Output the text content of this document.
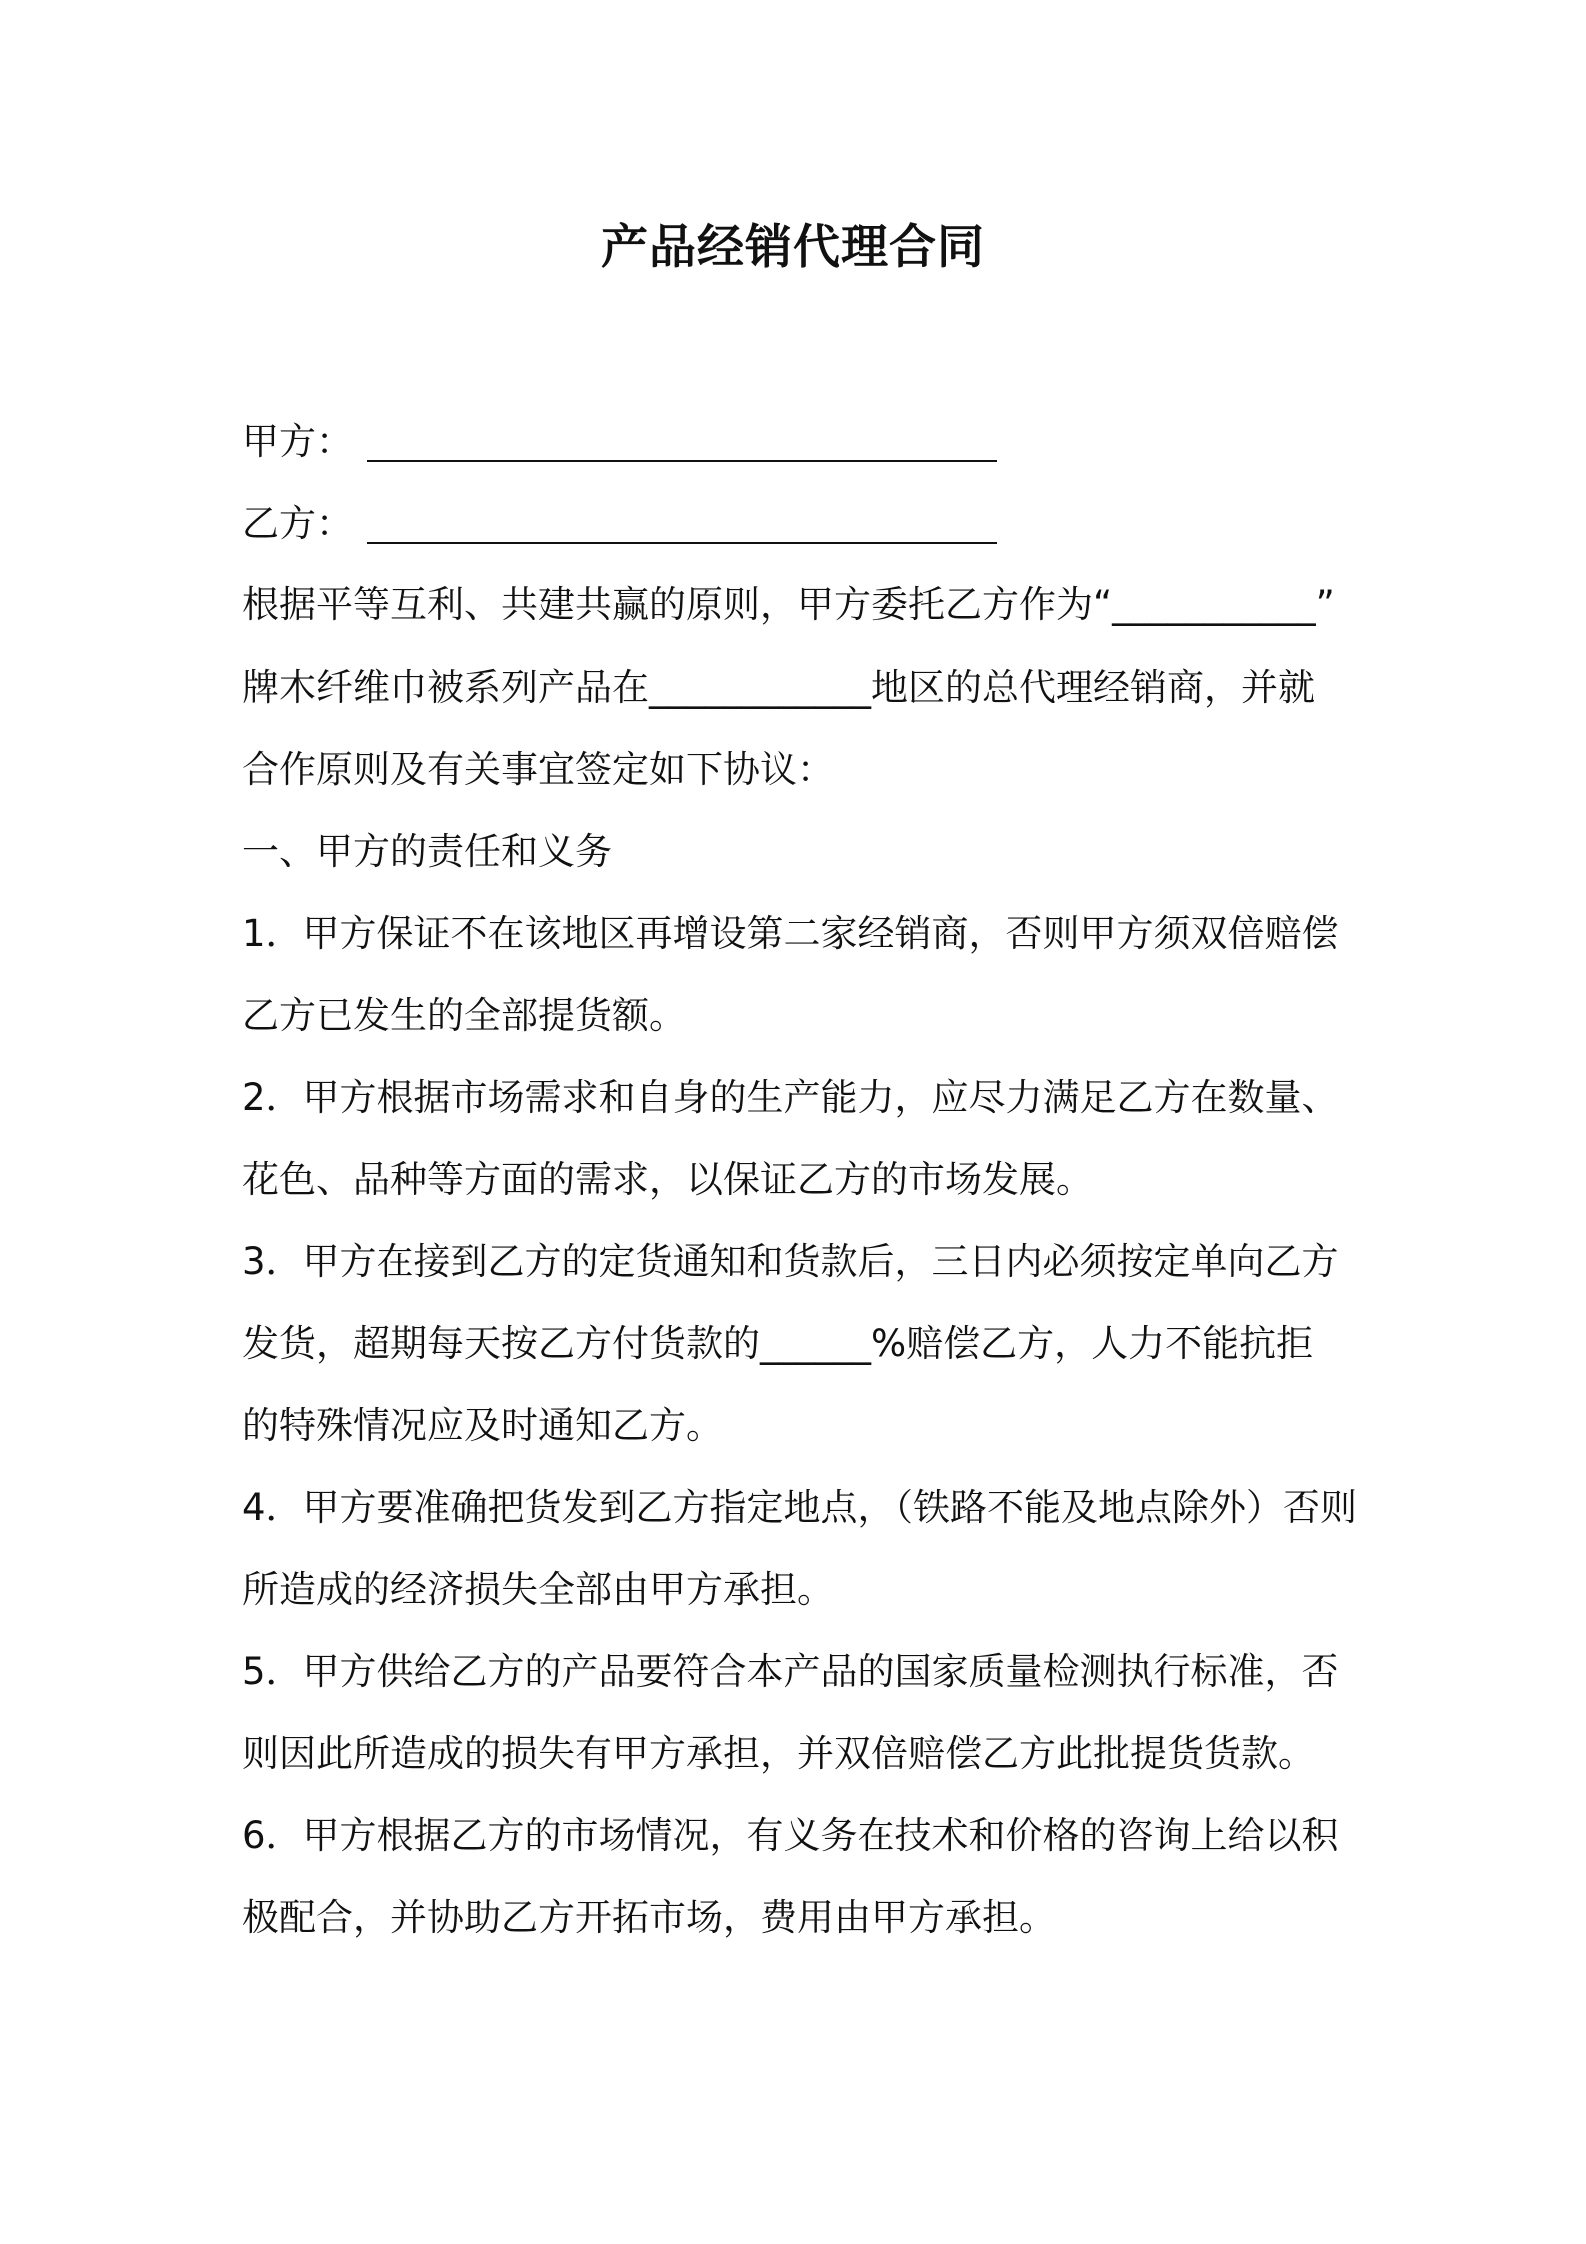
产品经销代理合同
甲方：
乙方：
根据平等互利、共建共赢的原则，甲方委托乙方作为“___________”
牌木纤维巾被系列产品在____________地区的总代理经销商，并就
合作原则及有关事宜签定如下协议：
一、甲方的责任和义务
1．甲方保证不在该地区再增设第二家经销商，否则甲方须双倍赔偿
乙方已发生的全部提货额。
2．甲方根据市场需求和自身的生产能力，应尽力满足乙方在数量、
花色、品种等方面的需求，以保证乙方的市场发展。
3．甲方在接到乙方的定货通知和货款后，三日内必须按定单向乙方
发货，超期每天按乙方付货款的______%赔偿乙方，人力不能抗拒
的特殊情况应及时通知乙方。
4．甲方要准确把货发到乙方指定地点，（铁路不能及地点除外）否则
所造成的经济损失全部由甲方承担。
5．甲方供给乙方的产品要符合本产品的国家质量检测执行标准，否
则因此所造成的损失有甲方承担，并双倍赔偿乙方此批提货货款。
6．甲方根据乙方的市场情况，有义务在技术和价格的咨询上给以积
极配合，并协助乙方开拓市场，费用由甲方承担。
